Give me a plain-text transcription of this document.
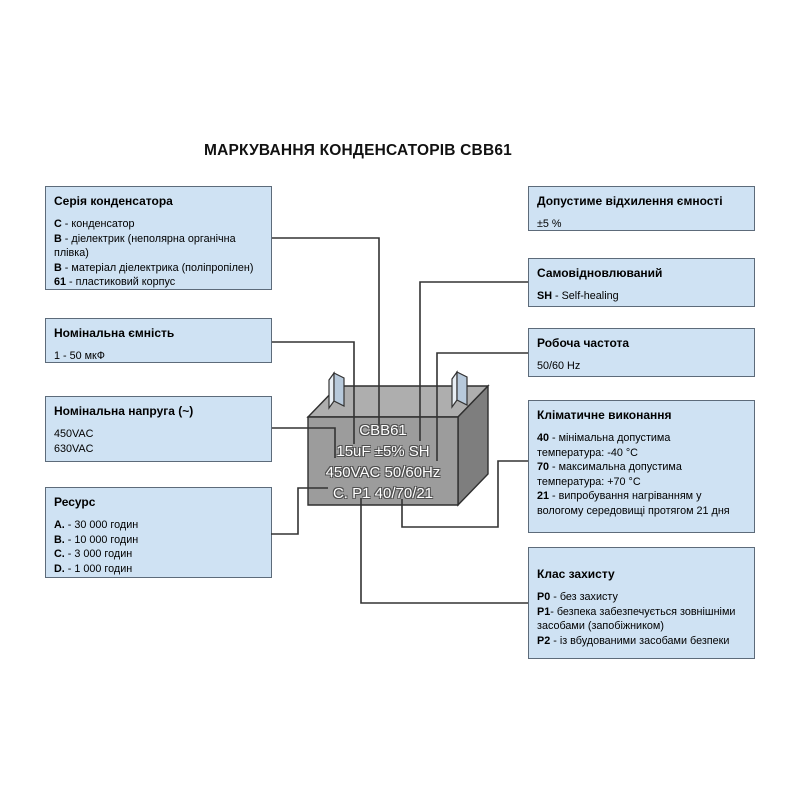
МАРКУВАННЯ КОНДЕНСАТОРІВ CBB61
CBB61
15uF ±5% SH
450VAC 50/60Hz
C. P1 40/70/21
Серія конденсатора
C - конденсатор
B - діелектрик (неполярна органічна
плівка)
B - матеріал діелектрика (поліпропілен)
61 - пластиковий корпус
Номінальна ємність
1 - 50 мкФ
Номінальна напруга (~)
450VAC
630VAC
Ресурс
A. - 30 000 годин
B. - 10 000 годин
C. - 3 000 годин
D. - 1 000 годин
Допустиме відхилення ємності
±5 %
Самовідновлюваний
SH - Self-healing
Робоча частота
50/60 Hz
Кліматичне виконання
40 - мінімальна допустима
температура: -40 °C
70 - максимальна допустима
температура: +70 °C
21 - випробування нагріванням у
вологому середовищі протягом 21 дня
Клас захисту
P0 - без захисту
P1- безпека забезпечується зовнішніми
засобами (запобіжником)
P2 - із вбудованими засобами безпеки
